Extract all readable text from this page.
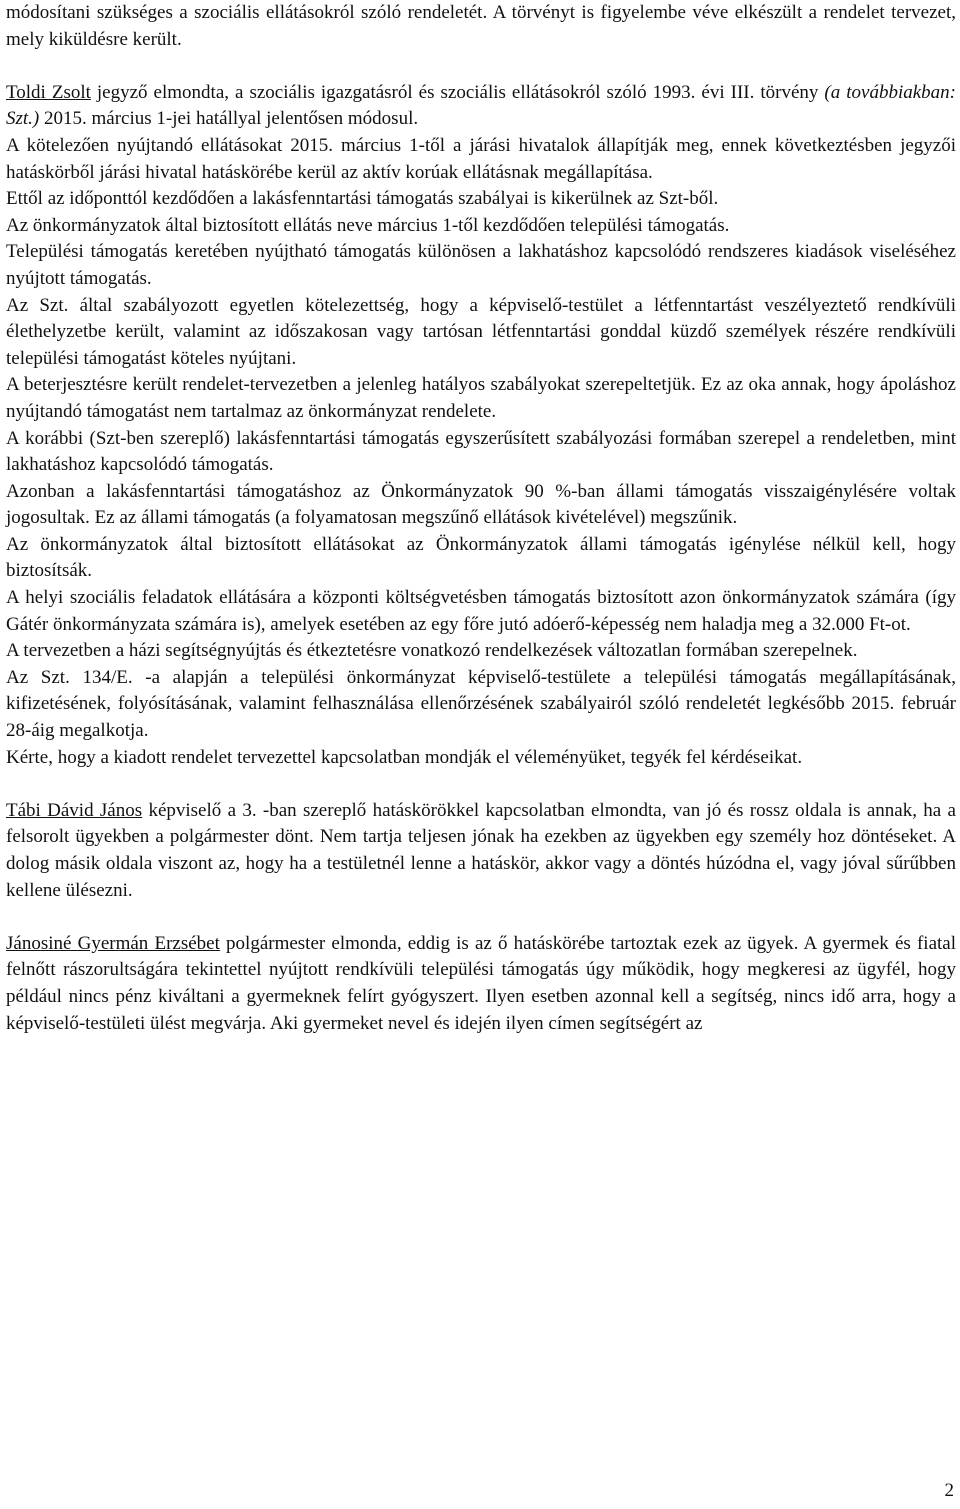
módosítani szükséges a szociális ellátásokról szóló rendeletét. A törvényt is figyelembe véve elkészült a rendelet tervezet, mely kiküldésre került.

Toldi Zsolt jegyző elmondta, a szociális igazgatásról és szociális ellátásokról szóló 1993. évi III. törvény (a továbbiakban: Szt.) 2015. március 1-jei hatállyal jelentősen módosul.

A kötelezően nyújtandó ellátásokat 2015. március 1-től a járási hivatalok állapítják meg, ennek következtésben jegyzői hatáskörből járási hivatal hatáskörébe kerül az aktív korúak ellátásnak megállapítása.

Ettől az időponttól kezdődően a lakásfenntartási támogatás szabályai is kikerülnek az Szt-ből.

Az önkormányzatok által biztosított ellátás neve március 1-től kezdődően települési támogatás.

Települési támogatás keretében nyújtható támogatás különösen a lakhatáshoz kapcsolódó rendszeres kiadások viseléséhez nyújtott támogatás.

Az Szt. által szabályozott egyetlen kötelezettség, hogy a képviselő-testület a létfenntartást veszélyeztető rendkívüli élethelyzetbe került, valamint az időszakosan vagy tartósan létfenntartási gonddal küzdő személyek részére rendkívüli települési támogatást köteles nyújtani.

A beterjesztésre került rendelet-tervezetben a jelenleg hatályos szabályokat szerepeltetjük. Ez az oka annak, hogy ápoláshoz nyújtandó támogatást nem tartalmaz az önkormányzat rendelete.

A korábbi (Szt-ben szereplő) lakásfenntartási támogatás egyszerűsített szabályozási formában szerepel a rendeletben, mint lakhatáshoz kapcsolódó támogatás.

Azonban a lakásfenntartási támogatáshoz az Önkormányzatok 90 %-ban állami támogatás visszaigénylésére voltak jogosultak. Ez az állami támogatás (a folyamatosan megszűnő ellátások kivételével) megszűnik.

Az önkormányzatok által biztosított ellátásokat az Önkormányzatok állami támogatás igénylése nélkül kell, hogy biztosítsák.

A helyi szociális feladatok ellátására a központi költségvetésben támogatás biztosított azon önkormányzatok számára (így Gátér önkormányzata számára is), amelyek esetében az egy főre jutó adóerő-képesség nem haladja meg a 32.000 Ft-ot.

A tervezetben a házi segítségnyújtás és étkeztetésre vonatkozó rendelkezések változatlan formában szerepelnek.

Az Szt. 134/E. -a alapján a települési önkormányzat képviselő-testülete a települési támogatás megállapításának, kifizetésének, folyósításának, valamint felhasználása ellenőrzésének szabályairól szóló rendeletét legkésőbb 2015. február 28-áig megalkotja.

Kérte, hogy a kiadott rendelet tervezettel kapcsolatban mondják el véleményüket, tegyék fel kérdéseikat.

Tábi Dávid János képviselő a 3. -ban szereplő hatáskörökkel kapcsolatban elmondta, van jó és rossz oldala is annak, ha a felsorolt ügyekben a polgármester dönt. Nem tartja teljesen jónak ha ezekben az ügyekben egy személy hoz döntéseket. A dolog másik oldala viszont az, hogy ha a testületnél lenne a hatáskör, akkor vagy a döntés húzódna el, vagy jóval sűrűbben kellene ülésezni.

Jánosiné Gyermán Erzsébet polgármester elmonda, eddig is az ő hatáskörébe tartoztak ezek az ügyek. A gyermek és fiatal felnőtt rászorultságára tekintettel nyújtott rendkívüli települési támogatás úgy működik, hogy megkeresi az ügyfél, hogy például nincs pénz kiváltani a gyermeknek felírt gyógyszert. Ilyen esetben azonnal kell a segítség, nincs idő arra, hogy a képviselő-testületi ülést megvárja. Aki gyermeket nevel és idején ilyen címen segítségért az

2
